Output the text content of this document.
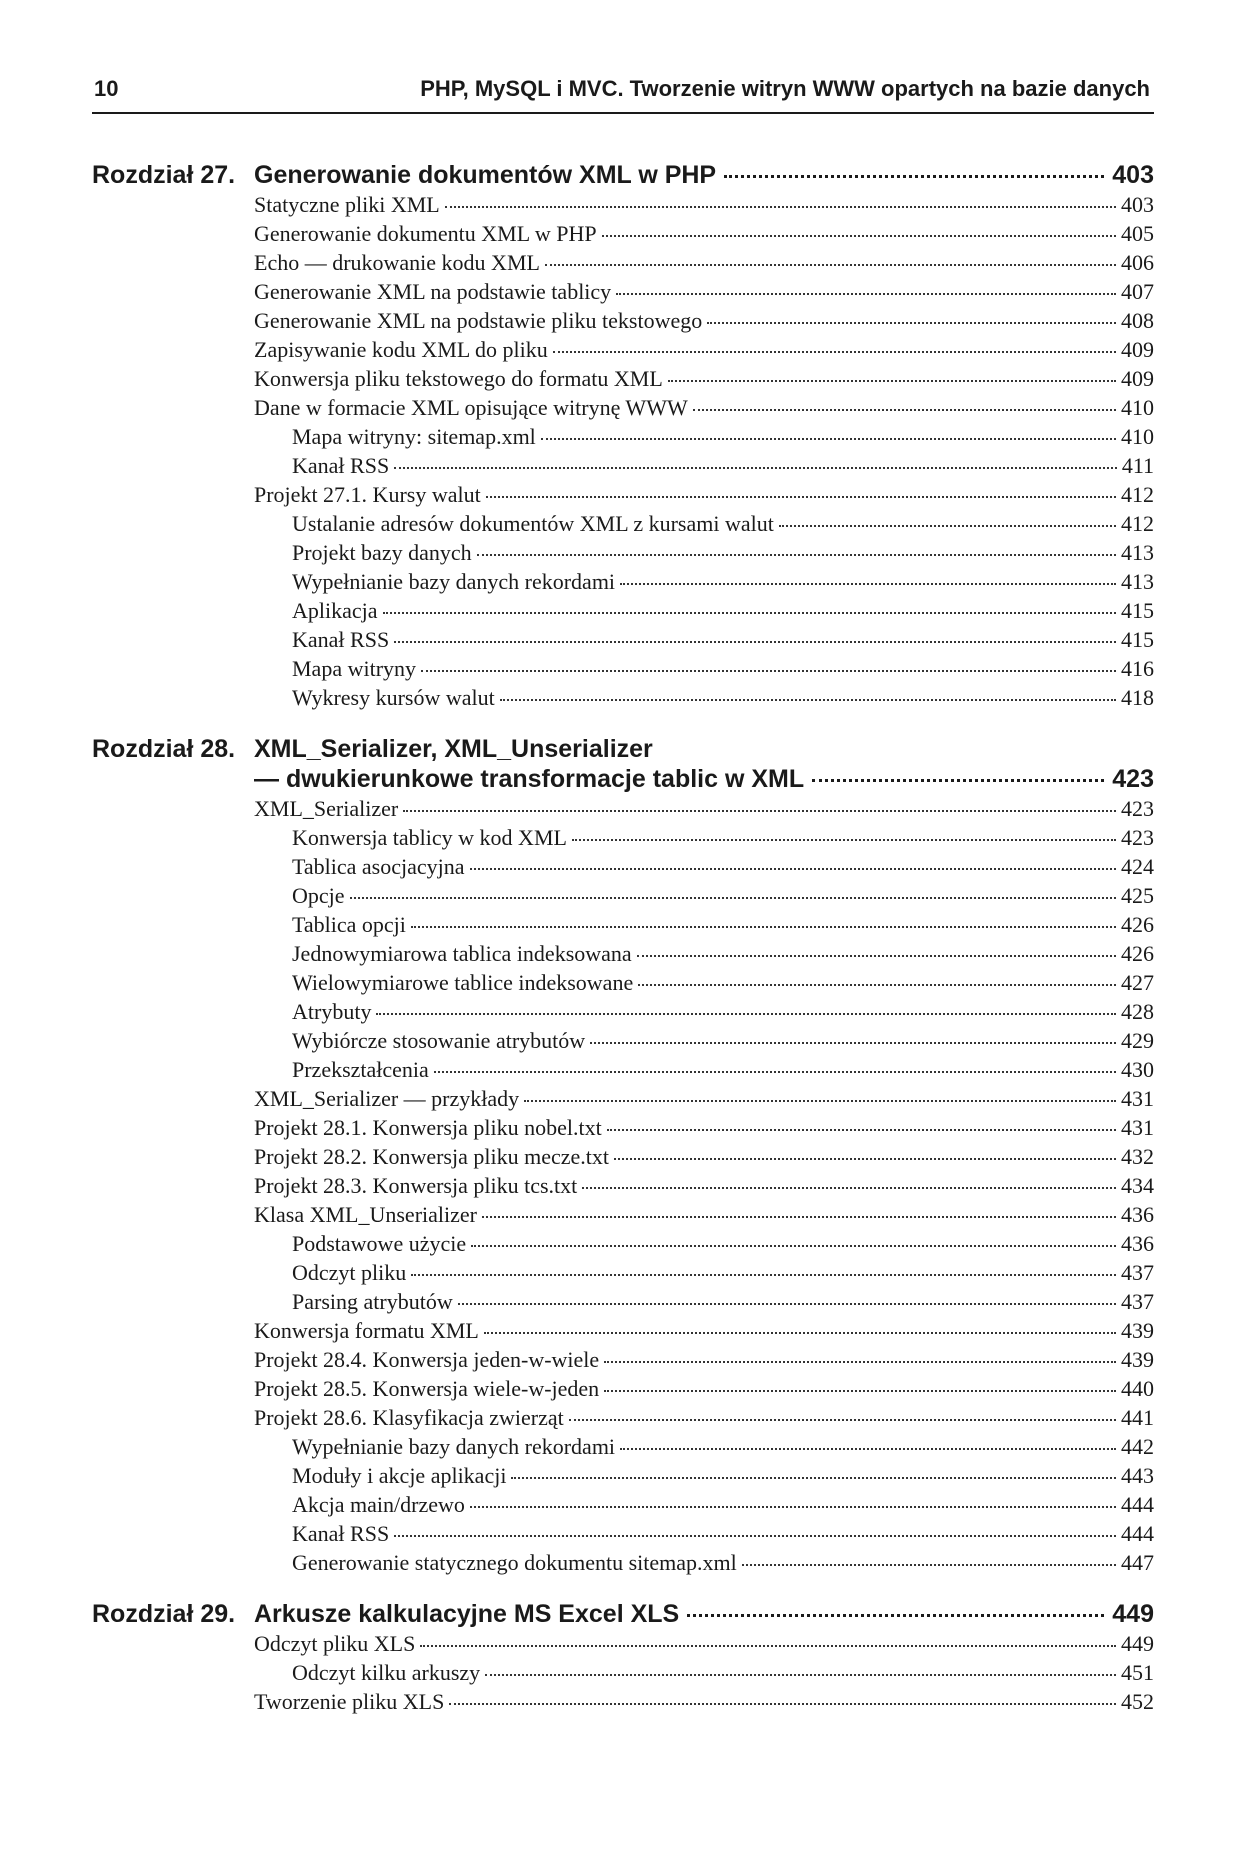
10	PHP, MySQL i MVC. Tworzenie witryn WWW opartych na bazie danych
Rozdział 27. Generowanie dokumentów XML w PHP	403
Statyczne pliki XML	403
Generowanie dokumentu XML w PHP	405
Echo — drukowanie kodu XML	406
Generowanie XML na podstawie tablicy	407
Generowanie XML na podstawie pliku tekstowego	408
Zapisywanie kodu XML do pliku	409
Konwersja pliku tekstowego do formatu XML	409
Dane w formacie XML opisujące witrynę WWW	410
Mapa witryny: sitemap.xml	410
Kanał RSS	411
Projekt 27.1. Kursy walut	412
Ustalanie adresów dokumentów XML z kursami walut	412
Projekt bazy danych	413
Wypełnianie bazy danych rekordami	413
Aplikacja	415
Kanał RSS	415
Mapa witryny	416
Wykresy kursów walut	418
Rozdział 28. XML_Serializer, XML_Unserializer
— dwukierunkowe transformacje tablic w XML	423
XML_Serializer	423
Konwersja tablicy w kod XML	423
Tablica asocjacyjna	424
Opcje	425
Tablica opcji	426
Jednowymiarowa tablica indeksowana	426
Wielowymiarowe tablice indeksowane	427
Atrybuty	428
Wybiórcze stosowanie atrybutów	429
Przekształcenia	430
XML_Serializer — przykłady	431
Projekt 28.1. Konwersja pliku nobel.txt	431
Projekt 28.2. Konwersja pliku mecze.txt	432
Projekt 28.3. Konwersja pliku tcs.txt	434
Klasa XML_Unserializer	436
Podstawowe użycie	436
Odczyt pliku	437
Parsing atrybutów	437
Konwersja formatu XML	439
Projekt 28.4. Konwersja jeden-w-wiele	439
Projekt 28.5. Konwersja wiele-w-jeden	440
Projekt 28.6. Klasyfikacja zwierząt	441
Wypełnianie bazy danych rekordami	442
Moduły i akcje aplikacji	443
Akcja main/drzewo	444
Kanał RSS	444
Generowanie statycznego dokumentu sitemap.xml	447
Rozdział 29. Arkusze kalkulacyjne MS Excel XLS	449
Odczyt pliku XLS	449
Odczyt kilku arkuszy	451
Tworzenie pliku XLS	452
